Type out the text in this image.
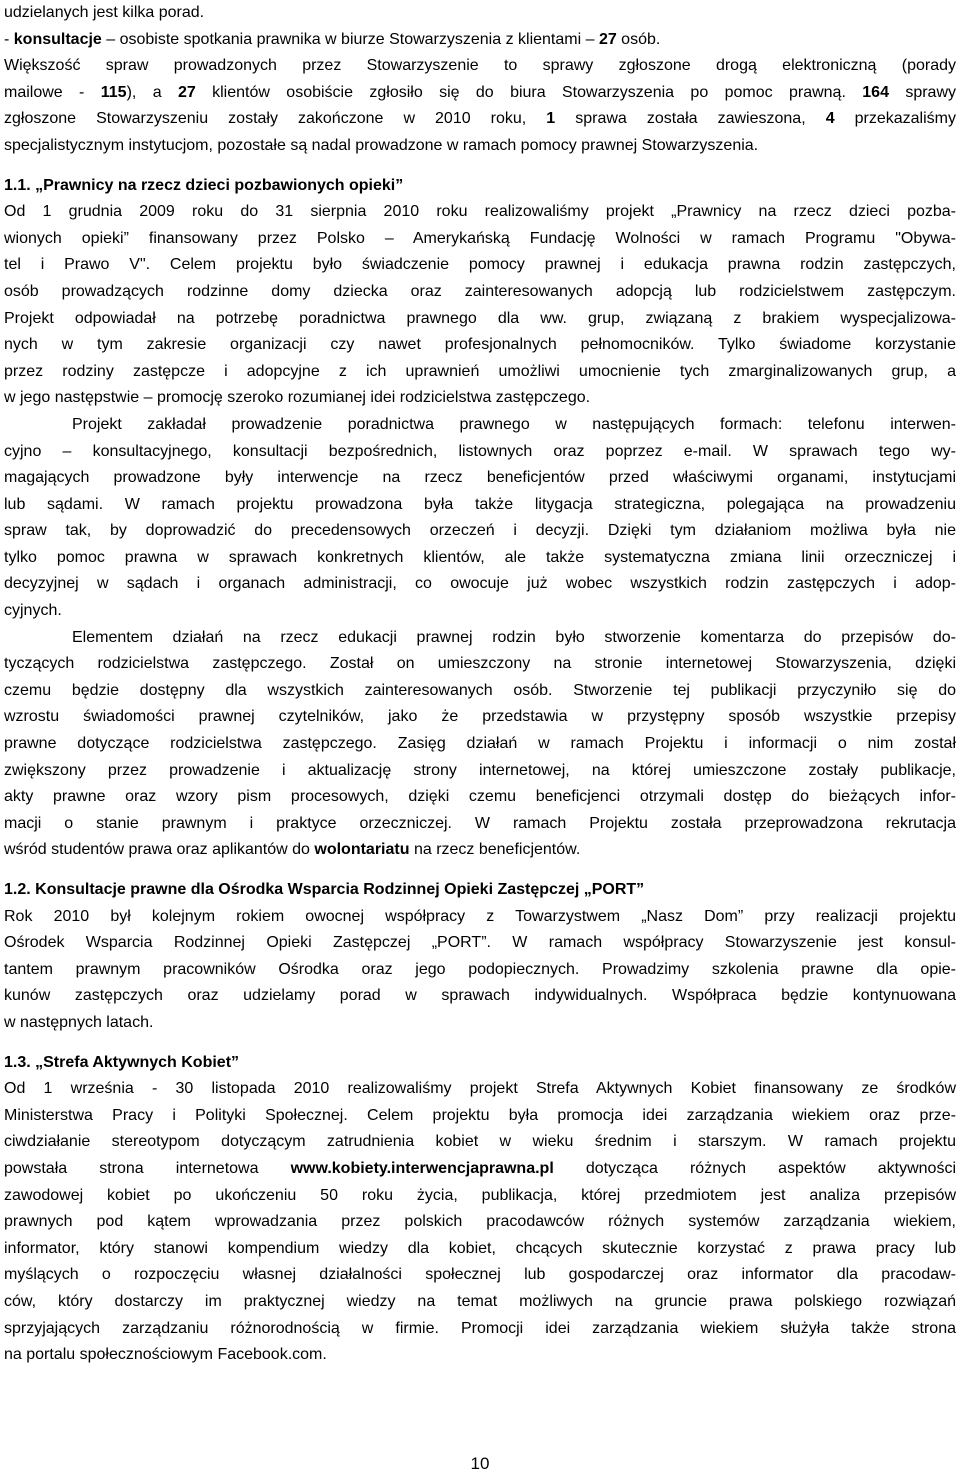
udzielanych jest kilka porad.
- konsultacje – osobiste spotkania prawnika w biurze Stowarzyszenia z klientami – 27 osób.
Większość spraw prowadzonych przez Stowarzyszenie to sprawy zgłoszone drogą elektroniczną (porady
mailowe - 115), a 27 klientów osobiście zgłosiło się do biura Stowarzyszenia po pomoc prawną. 164 sprawy
zgłoszone Stowarzyszeniu zostały zakończone w 2010 roku, 1 sprawa została zawieszona, 4 przekazaliśmy
specjalistycznym instytucjom, pozostałe są nadal prowadzone w ramach pomocy prawnej Stowarzyszenia.
1.1. „Prawnicy na rzecz dzieci pozbawionych opieki”
Od 1 grudnia 2009 roku do 31 sierpnia 2010 roku realizowaliśmy projekt „Prawnicy na rzecz dzieci pozba-
wionych opieki” finansowany przez Polsko – Amerykańską Fundację Wolności w ramach Programu "Obywa-
tel i Prawo V". Celem projektu było świadczenie pomocy prawnej i edukacja prawna rodzin zastępczych,
osób prowadzących rodzinne domy dziecka oraz zainteresowanych adopcją lub rodzicielstwem zastępczym.
Projekt odpowiadał na potrzebę poradnictwa prawnego dla ww. grup, związaną z brakiem wyspecjalizowa-
nych w tym zakresie organizacji czy nawet profesjonalnych pełnomocników. Tylko świadome korzystanie
przez rodziny zastępcze i adopcyjne z ich uprawnień umożliwi umocnienie tych zmarginalizowanych grup, a
w jego następstwie – promocję szeroko rozumianej idei rodzicielstwa zastępczego.
Projekt zakładał prowadzenie poradnictwa prawnego w następujących formach: telefonu interwen-
cyjno – konsultacyjnego, konsultacji bezpośrednich, listownych oraz poprzez e-mail. W sprawach tego wy-
magających prowadzone były interwencje na rzecz beneficjentów przed właściwymi organami, instytucjami
lub sądami. W ramach projektu prowadzona była także litygacja strategiczna, polegająca na prowadzeniu
spraw tak, by doprowadzić do precedensowych orzeczeń i decyzji. Dzięki tym działaniom możliwa była nie
tylko pomoc prawna w sprawach konkretnych klientów, ale także systematyczna zmiana linii orzeczniczej i
decyzyjnej w sądach i organach administracji, co owocuje już wobec wszystkich rodzin zastępczych i adop-
cyjnych.
Elementem działań na rzecz edukacji prawnej rodzin było stworzenie komentarza do przepisów do-
tyczących rodzicielstwa zastępczego. Został on umieszczony na stronie internetowej Stowarzyszenia, dzięki
czemu będzie dostępny dla wszystkich zainteresowanych osób. Stworzenie tej publikacji przyczyniło się do
wzrostu świadomości prawnej czytelników, jako że przedstawia w przystępny sposób wszystkie przepisy
prawne dotyczące rodzicielstwa zastępczego. Zasięg działań w ramach Projektu i informacji o nim został
zwiększony przez prowadzenie i aktualizację strony internetowej, na której umieszczone zostały publikacje,
akty prawne oraz wzory pism procesowych, dzięki czemu beneficjenci otrzymali dostęp do bieżących infor-
macji o stanie prawnym i praktyce orzeczniczej. W ramach Projektu została przeprowadzona rekrutacja
wśród studentów prawa oraz aplikantów do wolontariatu na rzecz beneficjentów.
1.2. Konsultacje prawne dla Ośrodka Wsparcia Rodzinnej Opieki Zastępczej „PORT”
Rok 2010 był kolejnym rokiem owocnej współpracy z Towarzystwem „Nasz Dom” przy realizacji projektu
Ośrodek Wsparcia Rodzinnej Opieki Zastępczej „PORT”. W ramach współpracy Stowarzyszenie jest konsul-
tantem prawnym pracowników Ośrodka oraz jego podopiecznych. Prowadzimy szkolenia prawne dla opie-
kunów zastępczych oraz udzielamy porad w sprawach indywidualnych. Współpraca będzie kontynuowana
w następnych latach.
1.3. „Strefa Aktywnych Kobiet”
Od 1 września - 30 listopada 2010 realizowaliśmy projekt Strefa Aktywnych Kobiet finansowany ze środków
Ministerstwa Pracy i Polityki Społecznej. Celem projektu była promocja idei zarządzania wiekiem oraz prze-
ciwdziałanie stereotypom dotyczącym zatrudnienia kobiet w wieku średnim i starszym. W ramach projektu
powstała strona internetowa www.kobiety.interwencjaprawna.pl dotycząca różnych aspektów aktywności
zawodowej kobiet po ukończeniu 50 roku życia, publikacja, której przedmiotem jest analiza przepisów
prawnych pod kątem wprowadzania przez polskich pracodawców różnych systemów zarządzania wiekiem,
informator, który stanowi kompendium wiedzy dla kobiet, chcących skutecznie korzystać z prawa pracy lub
myślących o rozpoczęciu własnej działalności społecznej lub gospodarczej oraz informator dla pracodaw-
ców, który dostarczy im praktycznej wiedzy na temat możliwych na gruncie prawa polskiego rozwiązań
sprzyjających zarządzaniu różnorodnością w firmie. Promocji idei zarządzania wiekiem służyła także strona
na portalu społecznościowym Facebook.com.
10
